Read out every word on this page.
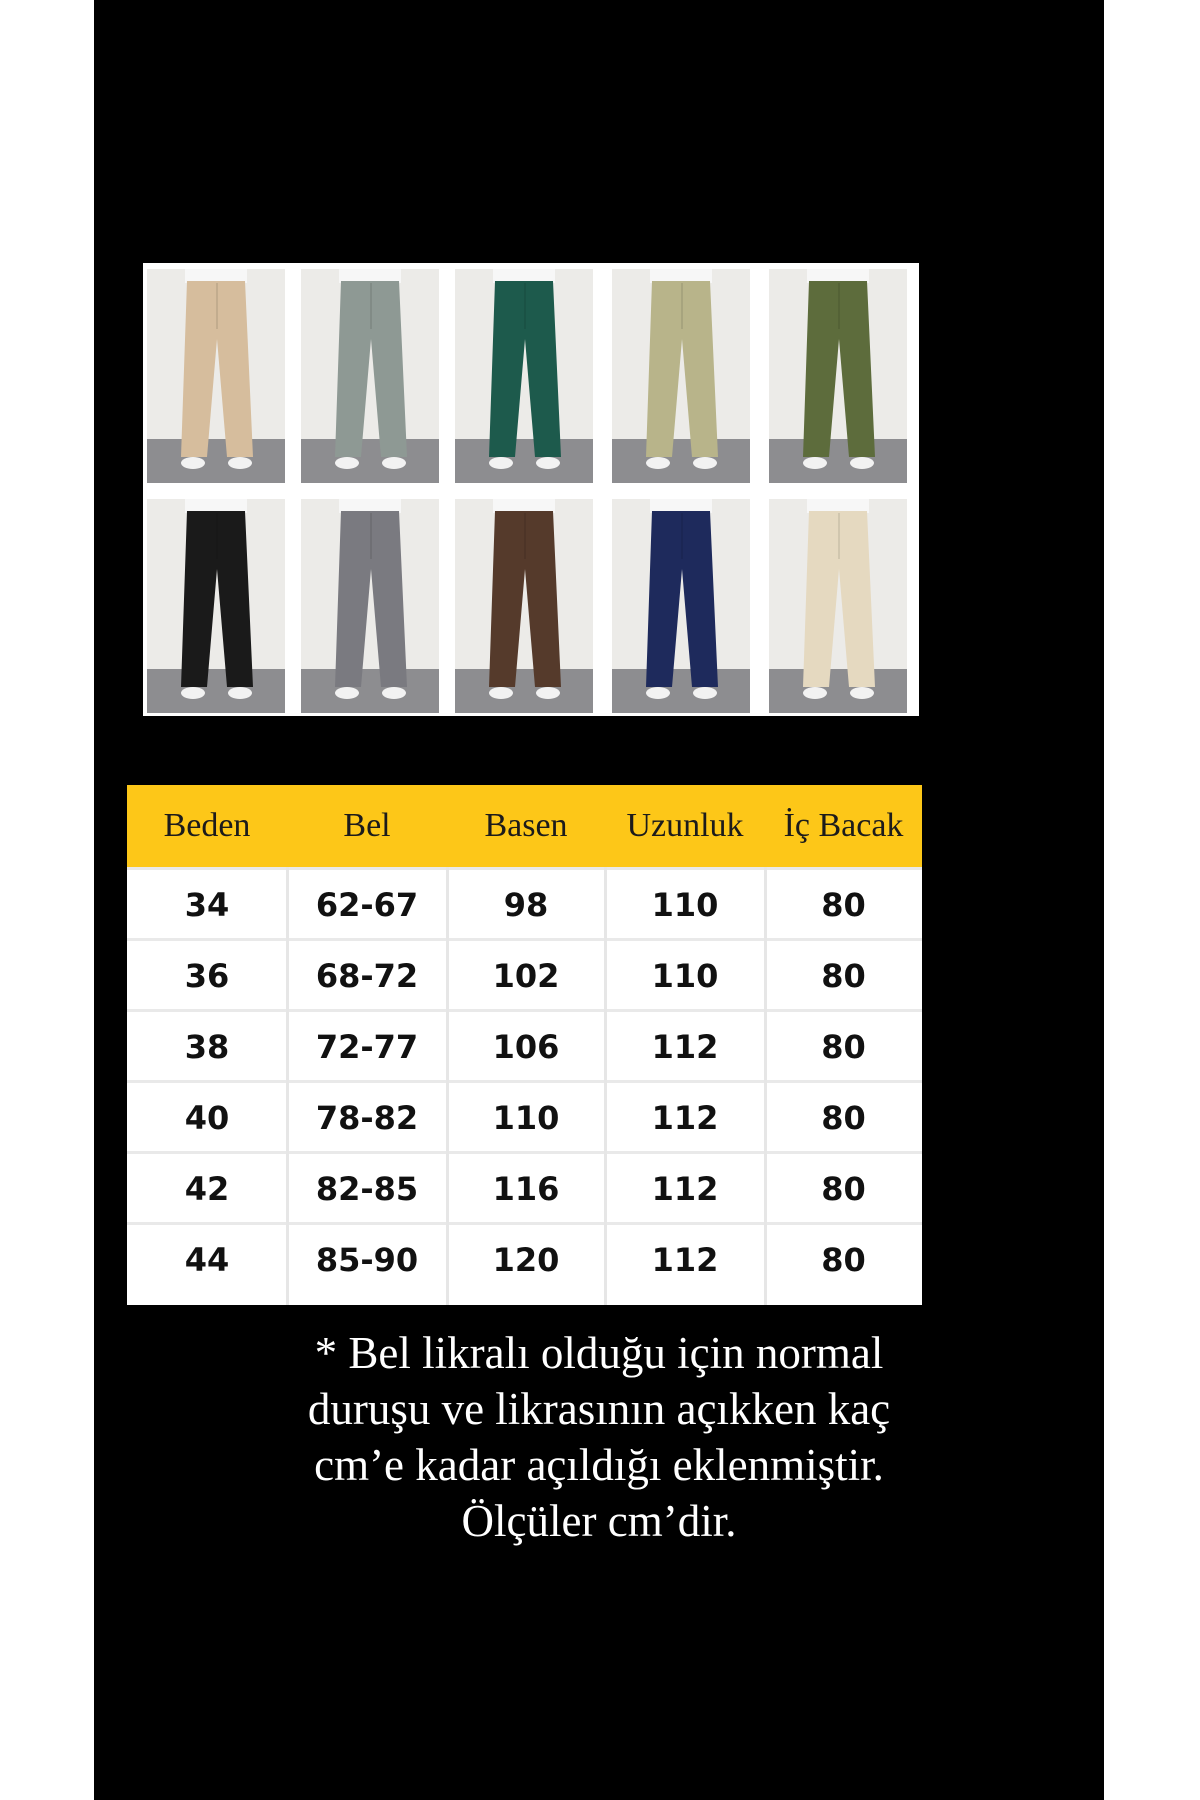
Beden	Bel	Basen	Uzunluk	İç Bacak
34	62-67	98	110	80
36	68-72	102	110	80
38	72-77	106	112	80
40	78-82	110	112	80
42	82-85	116	112	80
44	85-90	120	112	80
* Bel likralı olduğu için normal
duruşu ve likrasının açıkken kaç
cm’e kadar açıldığı eklenmiştir.
Ölçüler cm’dir.
